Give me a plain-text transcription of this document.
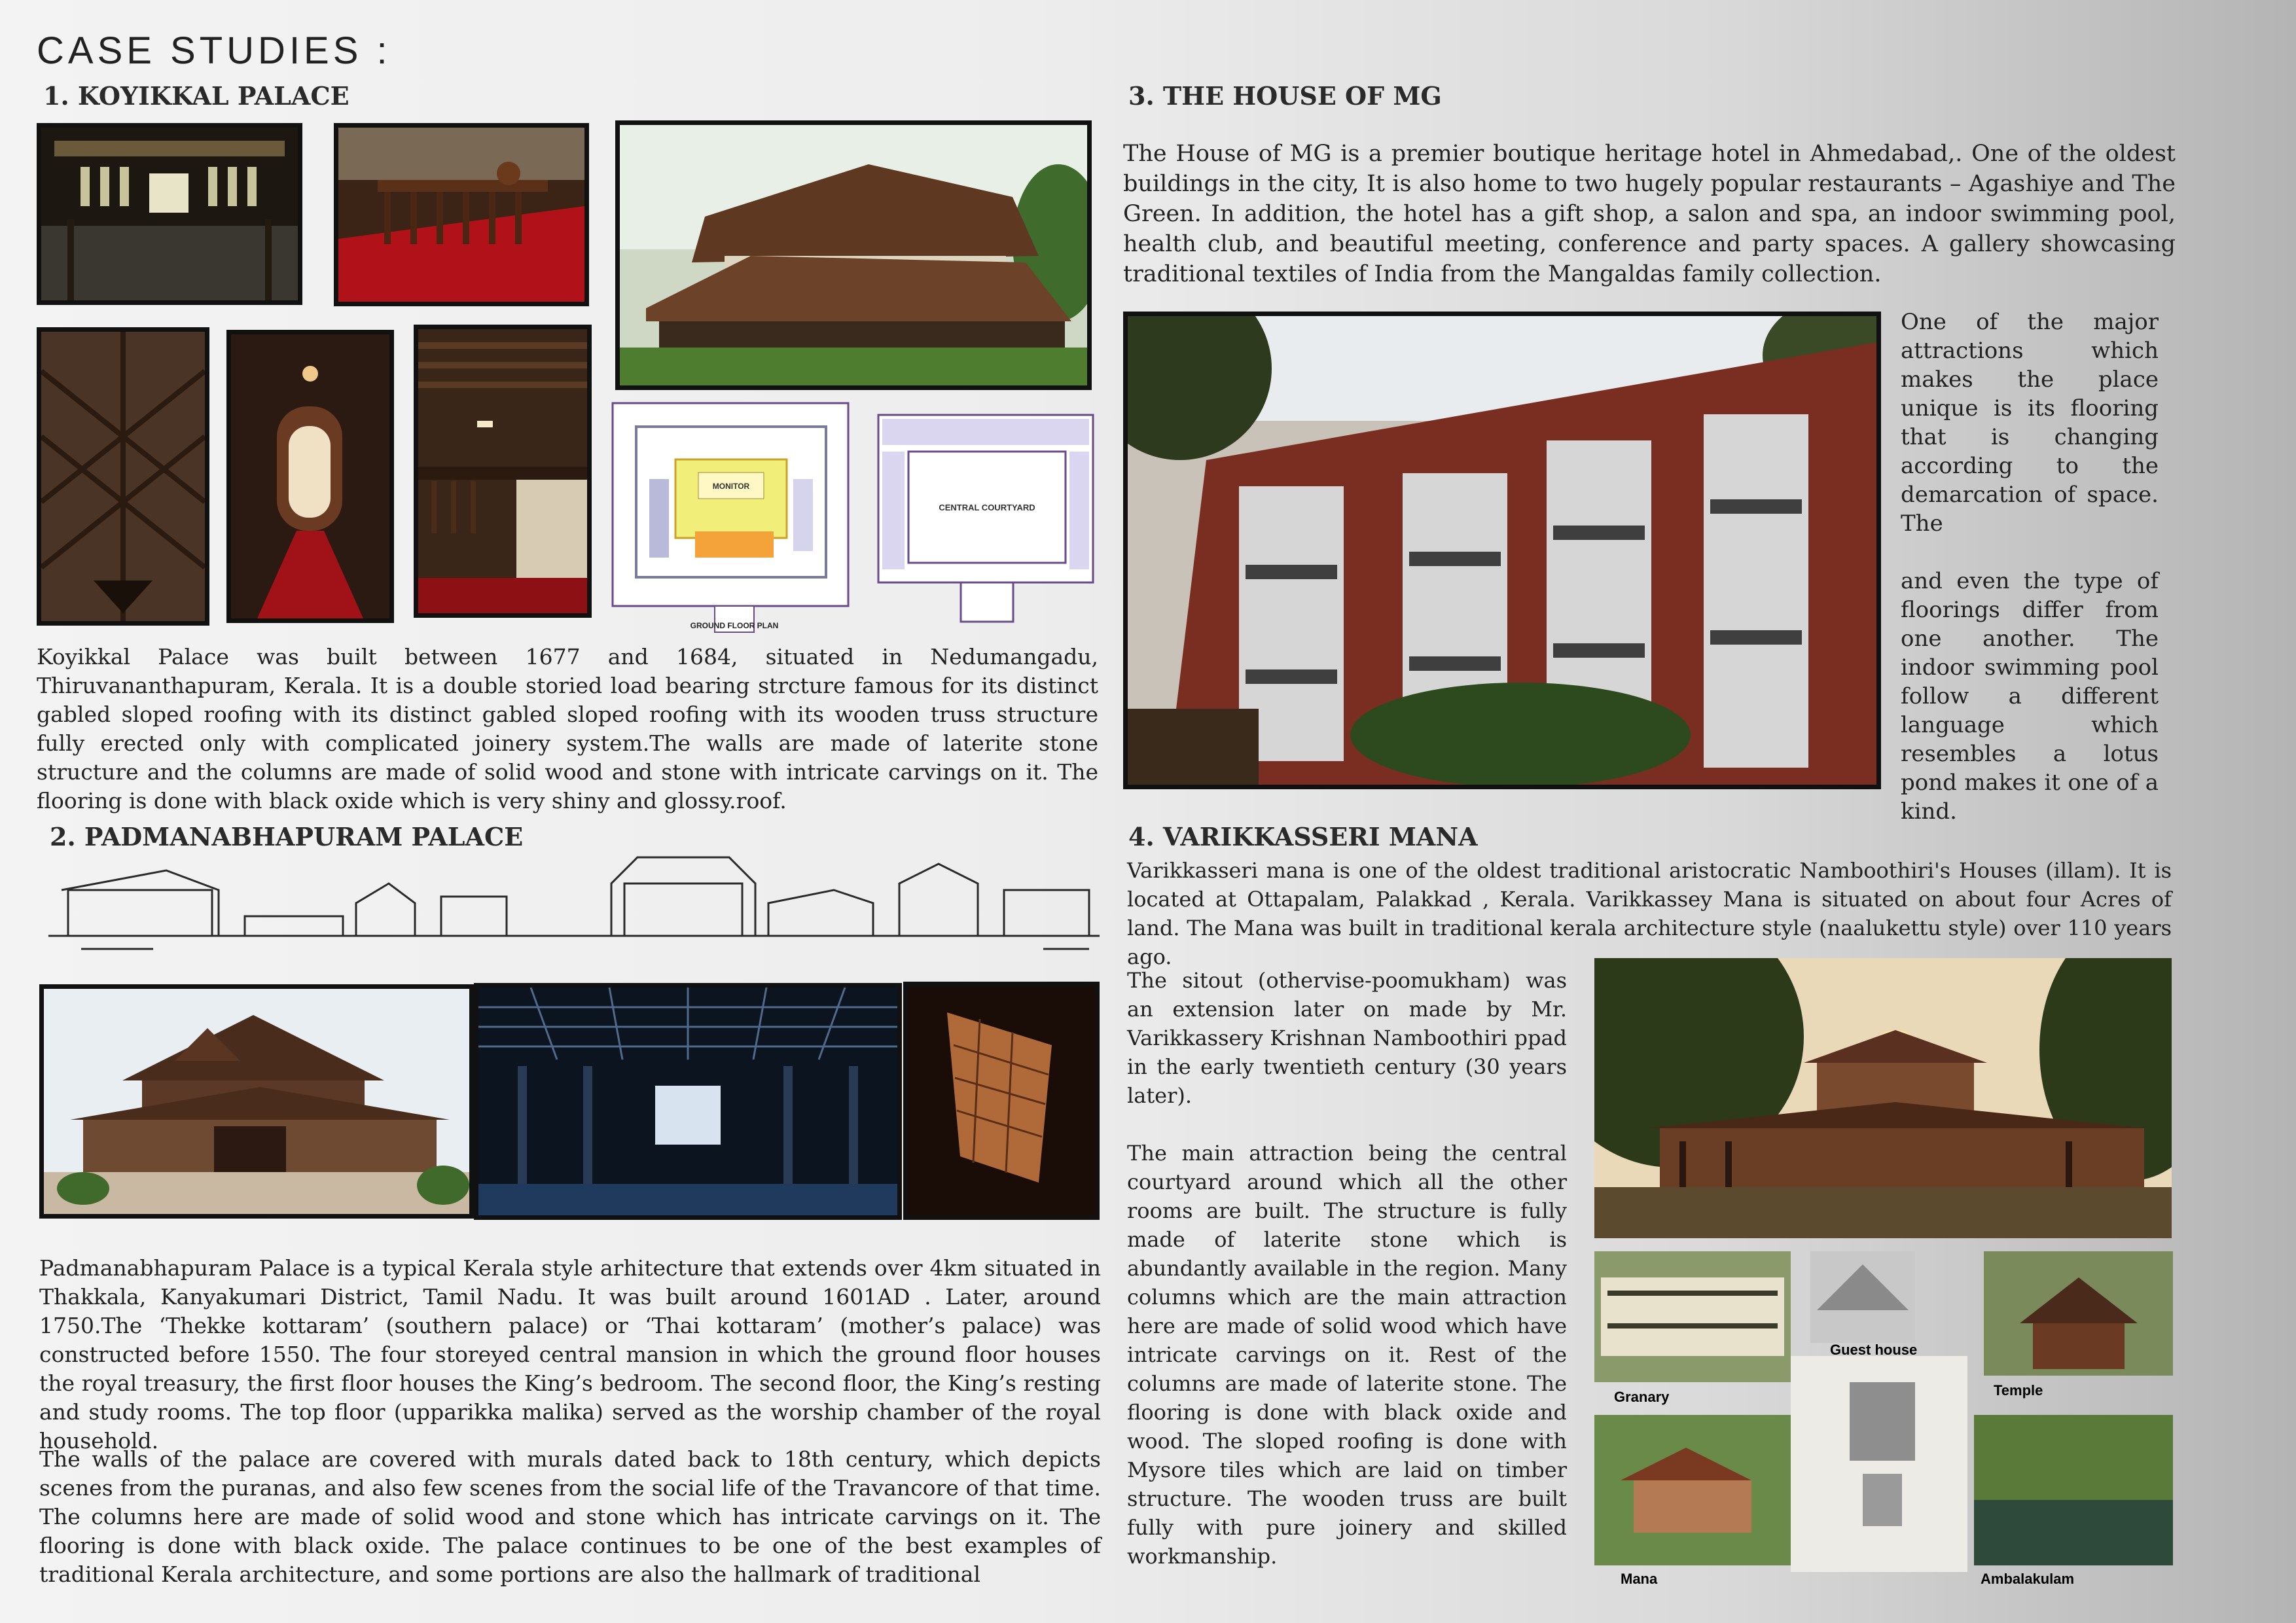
CASE STUDIES :
1. KOYIKKAL PALACE
MONITOR
GROUND FLOOR PLAN
CENTRAL COURTYARD

Koyikkal Palace was built between 1677 and 1684, situated in Nedumangadu, Thiruvananthapuram, Kerala. It is a double storied load bearing strcture famous for its distinct gabled sloped roofing with its distinct gabled sloped roofing with its wooden truss structure fully erected only with complicated joinery system.The walls are made of laterite stone structure and the columns are made of solid wood and stone with intricate carvings on it. The flooring is done with black oxide which is very shiny and glossy.roof.

2. PADMANABHAPURAM PALACE

Padmanabhapuram Palace is a typical Kerala style arhitecture that extends over 4km situated in Thakkala, Kanyakumari District, Tamil Nadu. It was built around 1601AD . Later, around 1750.The ‘Thekke kottaram’ (southern palace) or ‘Thai kottaram’ (mother’s palace) was constructed before 1550. The four storeyed central mansion in which the ground floor houses the royal treasury, the first floor houses the King’s bedroom. The second floor, the King’s resting and study rooms. The top floor (upparikka malika) served as the worship chamber of the royal household.

The walls of the palace are covered with murals dated back to 18th century, which depicts scenes from the puranas, and also few scenes from the social life of the Travancore of that time. The columns here are made of solid wood and stone which has intricate carvings on it. The flooring is done with black oxide. The palace continues to be one of the best examples of traditional Kerala architecture, and some portions are also the hallmark of traditional

3. THE HOUSE OF MG

The House of MG is a premier boutique heritage hotel in Ahmedabad,. One of the oldest buildings in the city, It is also home to two hugely popular restaurants – Agashiye and The Green. In addition, the hotel has a gift shop, a salon and spa, an indoor swimming pool, health club, and beautiful meeting, conference and party spaces. A gallery showcasing traditional textiles of India from the Mangaldas family collection.

One of the major attractions which makes the place unique is its flooring that is changing according to the demarcation of space. The

and even the type of floorings differ from one another. The indoor swimming pool follow a different language which resembles a lotus pond makes it one of a kind.

4. VARIKKASSERI MANA

Varikkasseri mana is one of the oldest traditional aristocratic Namboothiri's Houses (illam). It is located at Ottapalam, Palakkad , Kerala. Varikkassey Mana is situated on about four Acres of land. The Mana was built in traditional kerala architecture style (naalukettu style) over 110 years ago.

The sitout (othervise-poomukham) was an extension later on made by Mr. Varikkassery Krishnan Namboothiri ppad in the early twentieth century (30 years later).

The main attraction being the central courtyard around which all the other rooms are built. The structure is fully made of laterite stone which is abundantly available in the region. Many columns which are the main attraction here are made of solid wood which have intricate carvings on it. Rest of the columns are made of laterite stone. The flooring is done with black oxide and wood. The sloped roofing is done with Mysore tiles which are laid on timber structure. The wooden truss are built fully with pure joinery and skilled workmanship.

Granary
Guest house
Temple
Mana	Ambalakulam
